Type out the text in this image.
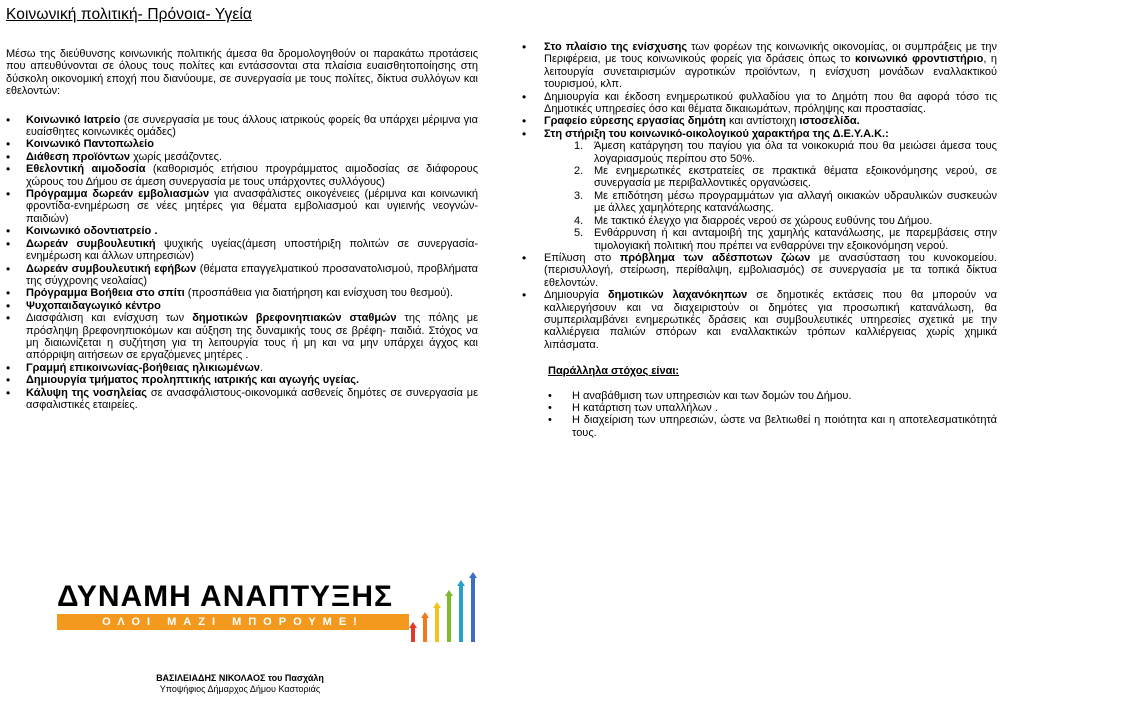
Κοινωνική πολιτική- Πρόνοια- Υγεία

Μέσω της διεύθυνσης κοινωνικής πολιτικής άμεσα θα δρομολογηθούν οι παρακάτω προτάσεις που απευθύνονται σε όλους τους πολίτες και εντάσσονται στα πλαίσια ευαισθητοποίησης στη δύσκολη οικονομική εποχή που διανύουμε, σε συνεργασία με τους πολίτες, δίκτυα συλλόγων και εθελοντών:

• Κοινωνικό Ιατρείο (σε συνεργασία με τους άλλους ιατρικούς φορείς θα υπάρχει μέριμνα για ευαίσθητες κοινωνικές ομάδες)
• Κοινωνικό Παντοπωλείο
• Διάθεση προϊόντων χωρίς μεσάζοντες.
• Εθελοντική αιμοδοσία (καθορισμός ετήσιου προγράμματος αιμοδοσίας σε διάφορους χώρους του Δήμου σε άμεση συνεργασία με τους υπάρχοντες συλλόγους)
• Πρόγραμμα δωρεάν εμβολιασμών για ανασφάλιστες οικογένειες (μέριμνα και κοινωνική φροντίδα-ενημέρωση σε νέες μητέρες για θέματα εμβολιασμού και υγιεινής νεογνών-παιδιών)
• Κοινωνικό οδοντιατρείο .
• Δωρεάν συμβουλευτική ψυχικής υγείας(άμεση υποστήριξη πολιτών σε συνεργασία- ενημέρωση και άλλων υπηρεσιών)
• Δωρεάν συμβουλευτική εφήβων (θέματα επαγγελματικού προσανατολισμού, προβλήματα της σύγχρονης νεολαίας)
• Πρόγραμμα Βοήθεια στο σπίτι (προσπάθεια για διατήρηση και ενίσχυση του θεσμού).
• Ψυχοπαιδαγωγικό κέντρο
• Διασφάλιση και ενίσχυση των δημοτικών βρεφονηπιακών σταθμών της πόλης με πρόσληψη βρεφονηπιοκόμων και αύξηση της δυναμικής τους σε βρέφη- παιδιά. Στόχος να μη διαιωνίζεται η συζήτηση για τη λειτουργία τους ή μη και να μην υπάρχει άγχος και απόρριψη αιτήσεων σε εργαζόμενες μητέρες .
• Γραμμή επικοινωνίας-βοήθειας ηλικιωμένων.
• Δημιουργία τμήματος προληπτικής ιατρικής και αγωγής υγείας.
• Κάλυψη της νοσηλείας σε ανασφάλιστους-οικονομικά ασθενείς δημότες σε συνεργασία με ασφαλιστικές εταιρείες.
• Στο πλαίσιο της ενίσχυσης των φορέων της κοινωνικής οικονομίας, οι συμπράξεις με την Περιφέρεια, με τους κοινωνικούς φορείς για δράσεις όπως το κοινωνικό φροντιστήριο, η λειτουργία συνεταιρισμών αγροτικών προϊόντων, η ενίσχυση μονάδων εναλλακτικού τουρισμού, κλπ.
• Δημιουργία και έκδοση ενημερωτικού φυλλαδίου για το Δημότη που θα αφορά τόσο τις Δημοτικές υπηρεσίες όσο και θέματα δικαιωμάτων, πρόληψης και προστασίας.
• Γραφείο εύρεσης εργασίας δημότη και αντίστοιχη ιστοσελίδα.
• Στη στήριξη του κοινωνικό-οικολογικού χαρακτήρα της Δ.Ε.Υ.Α.Κ.:
1. Άμεση κατάργηση του παγίου για όλα τα νοικοκυριά που θα μειώσει άμεσα τους λογαριασμούς περίπου στο 50%.
2. Με ενημερωτικές εκστρατείες σε πρακτικά θέματα εξοικονόμησης νερού, σε συνεργασία με περιβαλλοντικές οργανώσεις.
3. Με επιδότηση μέσω προγραμμάτων για αλλαγή οικιακών υδραυλικών συσκευών με άλλες χαμηλότερης κατανάλωσης.
4. Με τακτικό έλεγχο για διαρροές νερού σε χώρους ευθύνης του Δήμου.
5. Ενθάρρυνση ή και ανταμοιβή της χαμηλής κατανάλωσης, με παρεμβάσεις στην τιμολογιακή πολιτική που πρέπει να ενθαρρύνει την εξοικονόμηση νερού.
• Επίλυση στο πρόβλημα των αδέσποτων ζώων με ανασύσταση του κυνοκομείου. (περισυλλογή, στείρωση, περίθαλψη, εμβολιασμός) σε συνεργασία με τα τοπικά δίκτυα εθελοντών.
• Δημιουργία δημοτικών λαχανόκηπων σε δημοτικές εκτάσεις που θα μπορούν να καλλιεργήσουν και να διαχειριστούν οι δημότες για προσωπική κατανάλωση, θα συμπεριλαμβάνει ενημερωτικές δράσεις και συμβουλευτικές υπηρεσίες σχετικά με την καλλιέργεια παλιών σπόρων και εναλλακτικών τρόπων καλλιέργειας χωρίς χημικά λιπάσματα.
Παράλληλα στόχος είναι:
• Η αναβάθμιση των υπηρεσιών και των δομών του Δήμου.
• Η κατάρτιση των υπαλλήλων .
• Η διαχείριση των υπηρεσιών, ώστε να βελτιωθεί η ποιότητα και η αποτελεσματικότητά τους.
ΔΥΝΑΜΗ ΑΝΑΠΤΥΞΗΣ
ΟΛΟΙ ΜΑΖΙ ΜΠΟΡΟΥΜΕ!
ΒΑΣΙΛΕΙΑΔΗΣ ΝΙΚΟΛΑΟΣ του Πασχάλη
Υποψήφιος Δήμαρχος Δήμου Καστοριάς
